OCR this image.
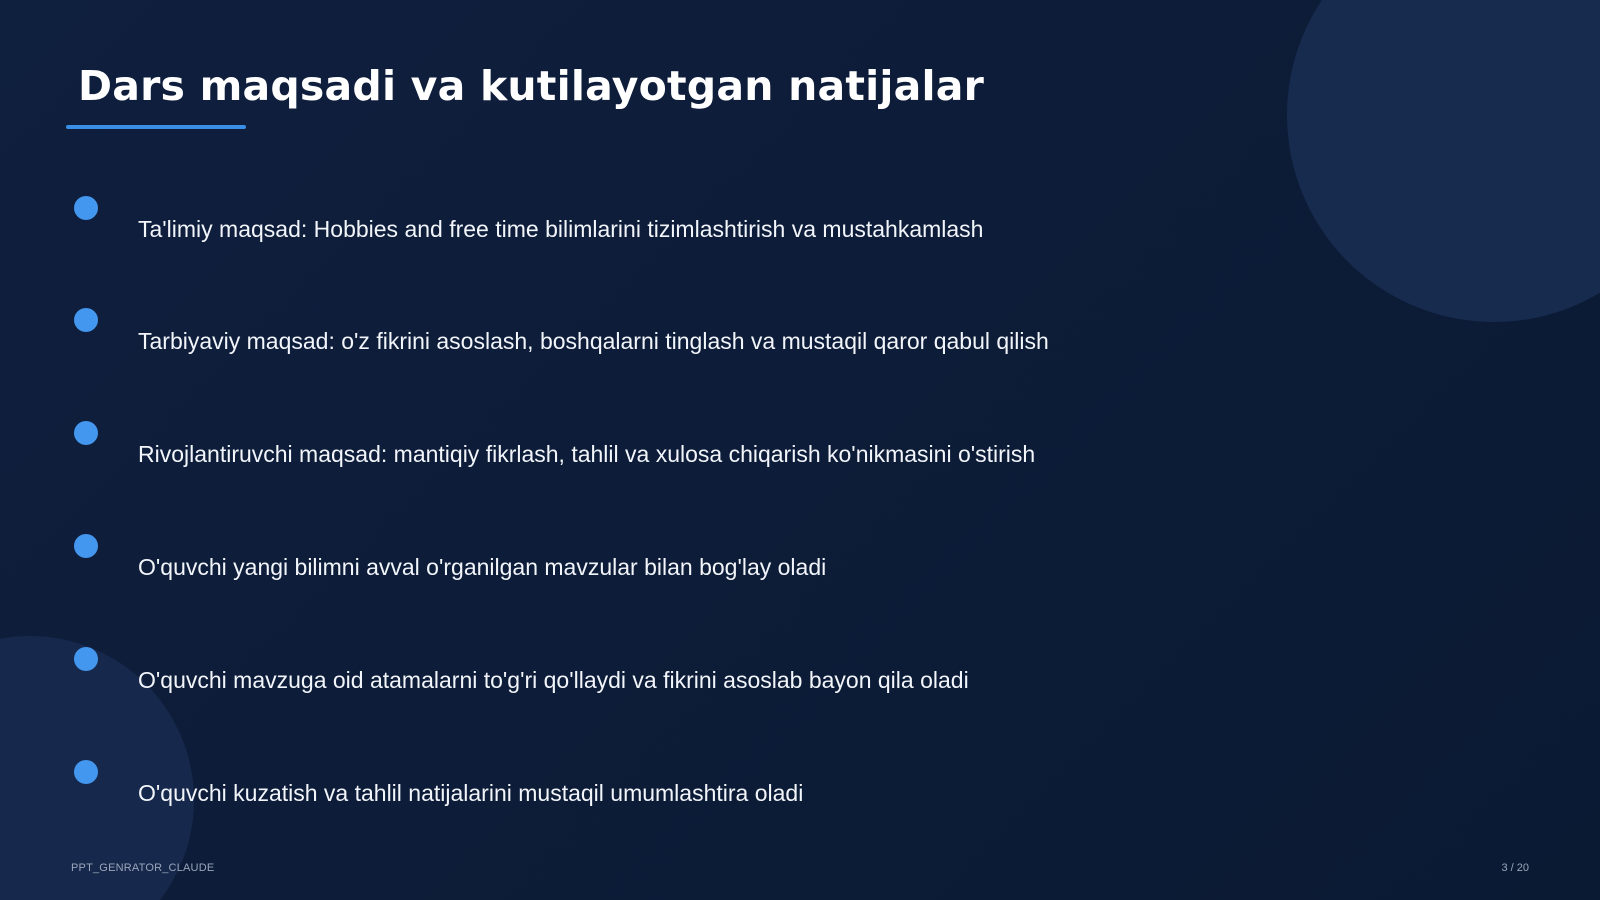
Dars maqsadi va kutilayotgan natijalar
Ta'limiy maqsad: Hobbies and free time bilimlarini tizimlashtirish va mustahkamlash
Tarbiyaviy maqsad: o'z fikrini asoslash, boshqalarni tinglash va mustaqil qaror qabul qilish
Rivojlantiruvchi maqsad: mantiqiy fikrlash, tahlil va xulosa chiqarish ko'nikmasini o'stirish
O'quvchi yangi bilimni avval o'rganilgan mavzular bilan bog'lay oladi
O'quvchi mavzuga oid atamalarni to'g'ri qo'llaydi va fikrini asoslab bayon qila oladi
O'quvchi kuzatish va tahlil natijalarini mustaqil umumlashtira oladi
PPT_GENRATOR_CLAUDE	3 / 20
